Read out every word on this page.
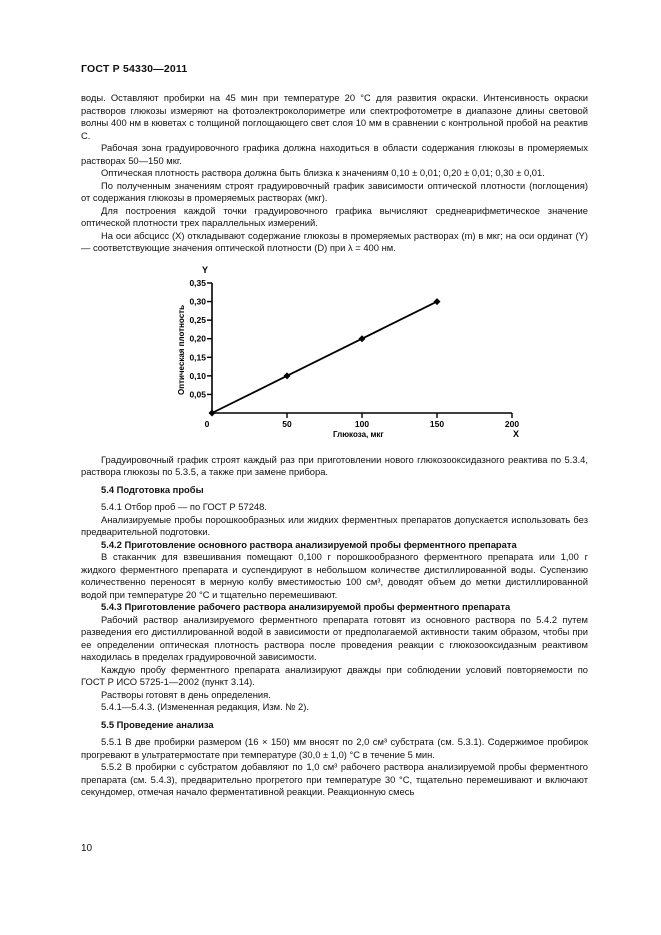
ГОСТ Р 54330—2011

воды. Оставляют пробирки на 45 мин при температуре 20 °С для развития окраски. Интенсивность окраски растворов глюкозы измеряют на фотоэлектроколориметре или спектрофотометре в диапазоне длины световой волны 400 нм в кюветах с толщиной поглощающего свет слоя 10 мм в сравнении с контрольной пробой на реактив С.

Рабочая зона градуировочного графика должна находиться в области содержания глюкозы в промеряемых растворах 50—150 мкг.

Оптическая плотность раствора должна быть близка к значениям 0,10 ± 0,01; 0,20 ± 0,01; 0,30 ± 0,01.

По полученным значениям строят градуировочный график зависимости оптической плотности (поглощения) от содержания глюкозы в промеряемых растворах (мкг).

Для построения каждой точки градуировочного графика вычисляют среднеарифметическое значение оптической плотности трех параллельных измерений.

На оси абсцисс (X) откладывают содержание глюкозы в промеряемых растворах (m) в мкг; на оси ординат (Y) — соответствующие значения оптической плотности (D) при λ = 400 нм.

0	50	100	150	200
0,05
0,10
0,15
0,20
0,25
0,30
0,35
Y
X
Глюкоза, мкг
Оптическая плотность

Градуировочный график строят каждый раз при приготовлении нового глюкозооксидазного реактива по 5.3.4, раствора глюкозы по 5.3.5, а также при замене прибора.

5.4 Подготовка пробы

5.4.1 Отбор проб — по ГОСТ Р 57248.

Анализируемые пробы порошкообразных или жидких ферментных препаратов допускается использовать без предварительной подготовки.

5.4.2 Приготовление основного раствора анализируемой пробы ферментного препарата

В стаканчик для взвешивания помещают 0,100 г порошкообразного ферментного препарата или 1,00 г жидкого ферментного препарата и суспендируют в небольшом количестве дистиллированной воды. Суспензию количественно переносят в мерную колбу вместимостью 100 см³, доводят объем до метки дистиллированной водой при температуре 20 °С и тщательно перемешивают.

5.4.3 Приготовление рабочего раствора анализируемой пробы ферментного препарата

Рабочий раствор анализируемого ферментного препарата готовят из основного раствора по 5.4.2 путем разведения его дистиллированной водой в зависимости от предполагаемой активности таким образом, чтобы при ее определении оптическая плотность раствора после проведения реакции с глюкозооксидазным реактивом находилась в пределах градуировочной зависимости.

Каждую пробу ферментного препарата анализируют дважды при соблюдении условий повторяемости по ГОСТ Р ИСО 5725-1—2002 (пункт 3.14).

Растворы готовят в день определения.

5.4.1—5.4.3. (Измененная редакция, Изм. № 2).

5.5 Проведение анализа

5.5.1 В две пробирки размером (16 × 150) мм вносят по 2,0 см³ субстрата (см. 5.3.1). Содержимое пробирок прогревают в ультратермостате при температуре (30,0 ± 1,0) °С в течение 5 мин.

5.5.2 В пробирки с субстратом добавляют по 1,0 см³ рабочего раствора анализируемой пробы ферментного препарата (см. 5.4.3), предварительно прогретого при температуре 30 °С, тщательно перемешивают и включают секундомер, отмечая начало ферментативной реакции. Реакционную смесь

10
